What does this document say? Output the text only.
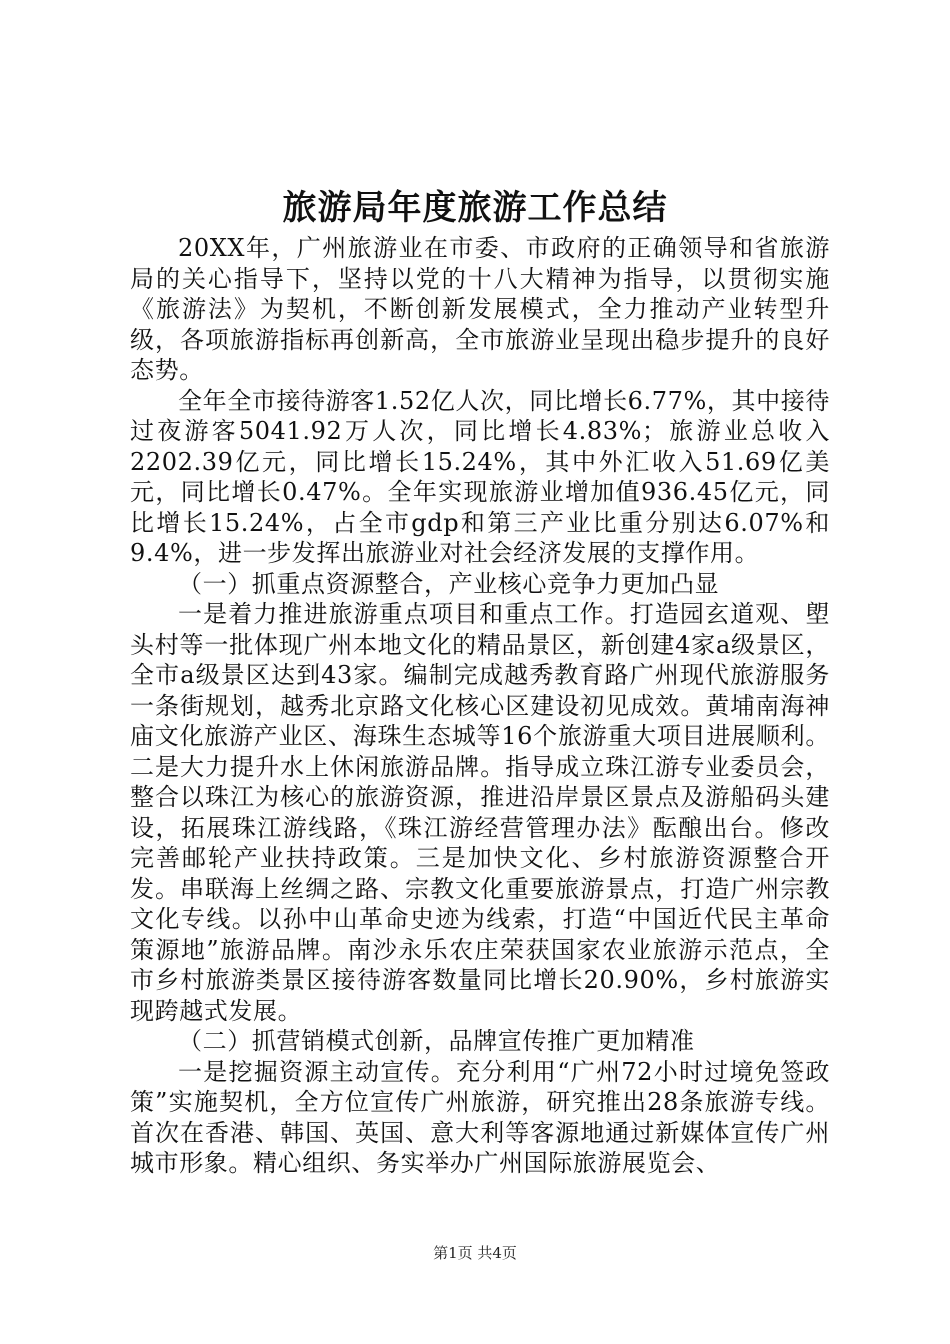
旅游局年度旅游工作总结

20XX年，广州旅游业在市委、市政府的正确领导和省旅游局的关心指导下，坚持以党的十八大精神为指导，以贯彻实施《旅游法》为契机，不断创新发展模式，全力推动产业转型升级，各项旅游指标再创新高，全市旅游业呈现出稳步提升的良好态势。

全年全市接待游客1.52亿人次，同比增长6.77%，其中接待过夜游客5041.92万人次，同比增长4.83%；旅游业总收入2202.39亿元，同比增长15.24%，其中外汇收入51.69亿美元，同比增长0.47%。全年实现旅游业增加值936.45亿元，同比增长15.24%，占全市gdp和第三产业比重分别达6.07%和9.4%，进一步发挥出旅游业对社会经济发展的支撑作用。

（一）抓重点资源整合，产业核心竞争力更加凸显

一是着力推进旅游重点项目和重点工作。打造园玄道观、塱头村等一批体现广州本地文化的精品景区，新创建4家a级景区，全市a级景区达到43家。编制完成越秀教育路广州现代旅游服务一条街规划，越秀北京路文化核心区建设初见成效。黄埔南海神庙文化旅游产业区、海珠生态城等16个旅游重大项目进展顺利。二是大力提升水上休闲旅游品牌。指导成立珠江游专业委员会，整合以珠江为核心的旅游资源，推进沿岸景区景点及游船码头建设，拓展珠江游线路，《珠江游经营管理办法》酝酿出台。修改完善邮轮产业扶持政策。三是加快文化、乡村旅游资源整合开发。串联海上丝绸之路、宗教文化重要旅游景点，打造广州宗教文化专线。以孙中山革命史迹为线索，打造“中国近代民主革命策源地”旅游品牌。南沙永乐农庄荣获国家农业旅游示范点，全市乡村旅游类景区接待游客数量同比增长20.90%，乡村旅游实现跨越式发展。

（二）抓营销模式创新，品牌宣传推广更加精准

一是挖掘资源主动宣传。充分利用“广州72小时过境免签政策”实施契机，全方位宣传广州旅游，研究推出28条旅游专线。首次在香港、韩国、英国、意大利等客源地通过新媒体宣传广州城市形象。精心组织、务实举办广州国际旅游展览会、

第1页 共4页
